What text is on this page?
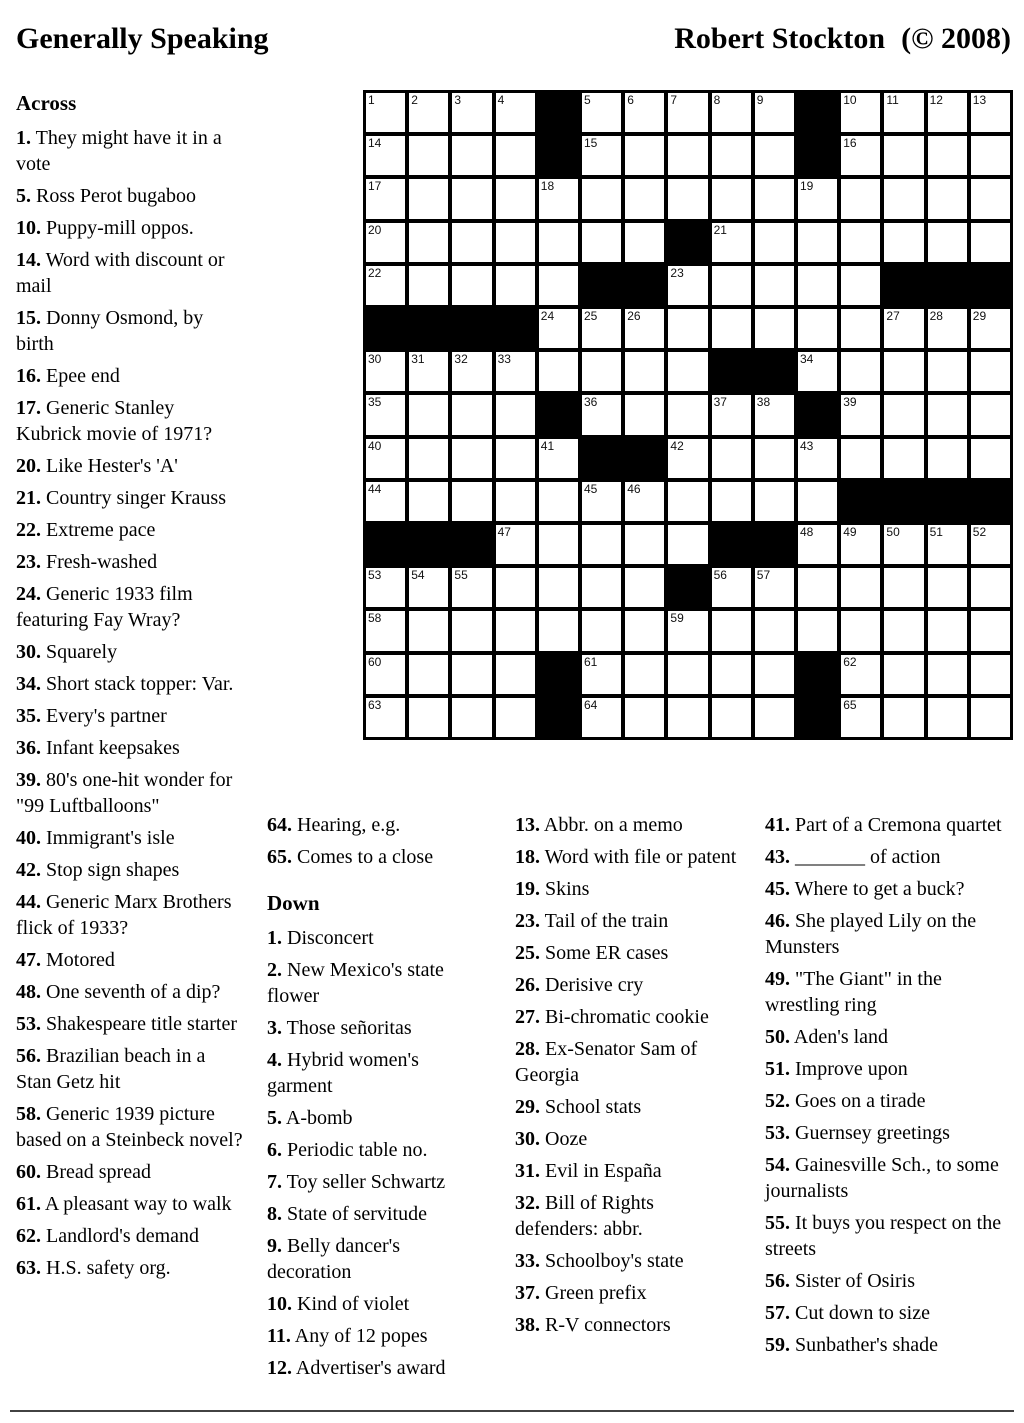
Generally Speaking	Robert Stockton (© 2008)
1	2	3	4	5	6	7	8	9	10 11	12 13
14	15	16
17	18	19
20	21
22	23
24 25 26	27 28 29
30 31 32 33	34
35	36	37 38	39
40	41	42	43
44	45 46
47	48 49 50 51 52
53 54 55	56 57
58	59
60	61	62
63	64	65
Across
1. They might have it in a vote
5. Ross Perot bugaboo
10. Puppy-mill oppos.
14. Word with discount or mail
15. Donny Osmond, by birth
16. Epee end
17. Generic Stanley Kubrick movie of 1971?
20. Like Hester's 'A'
21. Country singer Krauss
22. Extreme pace
23. Fresh-washed
24. Generic 1933 film featuring Fay Wray?
30. Squarely
34. Short stack topper: Var.
35. Every's partner
36. Infant keepsakes
39. 80's one-hit wonder for "99 Luftballoons"
40. Immigrant's isle
42. Stop sign shapes
44. Generic Marx Brothers flick of 1933?
47. Motored
48. One seventh of a dip?
53. Shakespeare title starter
56. Brazilian beach in a Stan Getz hit
58. Generic 1939 picture based on a Steinbeck novel?
60. Bread spread
61. A pleasant way to walk
62. Landlord's demand
63. H.S. safety org.
64. Hearing, e.g.
65. Comes to a close
Down
1. Disconcert
2. New Mexico's state flower
3. Those señoritas
4. Hybrid women's garment
5. A-bomb
6. Periodic table no.
7. Toy seller Schwartz
8. State of servitude
9. Belly dancer's decoration
10. Kind of violet
11. Any of 12 popes
12. Advertiser's award
13. Abbr. on a memo
18. Word with file or patent
19. Skins
23. Tail of the train
25. Some ER cases
26. Derisive cry
27. Bi-chromatic cookie
28. Ex-Senator Sam of Georgia
29. School stats
30. Ooze
31. Evil in España
32. Bill of Rights defenders: abbr.
33. Schoolboy's state
37. Green prefix
38. R-V connectors
41. Part of a Cremona quartet
43. _______ of action
45. Where to get a buck?
46. She played Lily on the Munsters
49. "The Giant" in the wrestling ring
50. Aden's land
51. Improve upon
52. Goes on a tirade
53. Guernsey greetings
54. Gainesville Sch., to some journalists
55. It buys you respect on the streets
56. Sister of Osiris
57. Cut down to size
59. Sunbather's shade
